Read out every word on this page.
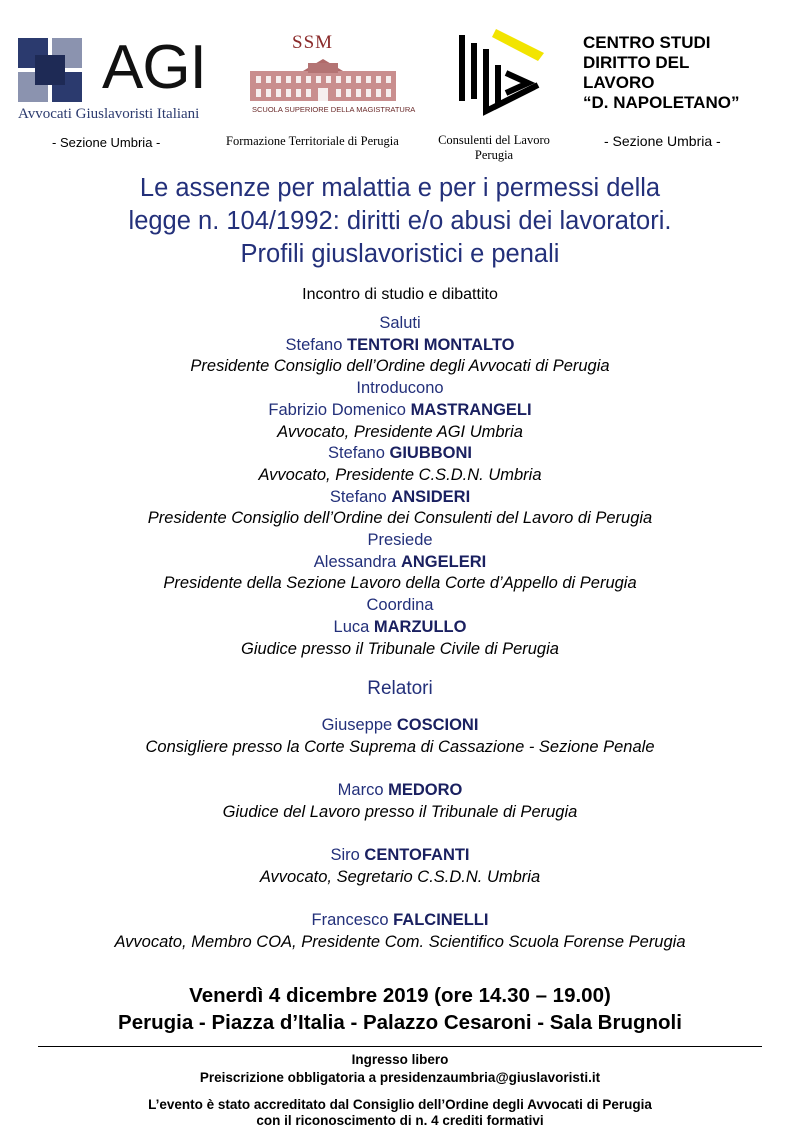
AGI
Avvocati Giuslavoristi Italiani
- Sezione Umbria -
SSM
SCUOLA SUPERIORE DELLA MAGISTRATURA
Formazione Territoriale di Perugia	Consulenti del Lavoro
Perugia
CENTRO STUDI
DIRITTO DEL
LAVORO
“D. NAPOLETANO”
- Sezione Umbria -
Le assenze per malattia e per i permessi della
legge n. 104/1992: diritti e/o abusi dei lavoratori.
Profili giuslavoristici e penali
Incontro di studio e dibattito
Saluti
Stefano TENTORI MONTALTO
Presidente Consiglio dell’Ordine degli Avvocati di Perugia
Introducono
Fabrizio Domenico MASTRANGELI
Avvocato, Presidente AGI Umbria
Stefano GIUBBONI
Avvocato, Presidente C.S.D.N. Umbria
Stefano ANSIDERI
Presidente Consiglio dell’Ordine dei Consulenti del Lavoro di Perugia
Presiede
Alessandra ANGELERI
Presidente della Sezione Lavoro della Corte d’Appello di Perugia
Coordina
Luca MARZULLO
Giudice presso il Tribunale Civile di Perugia
Relatori
Giuseppe COSCIONI
Consigliere presso la Corte Suprema di Cassazione - Sezione Penale
Marco MEDORO
Giudice del Lavoro presso il Tribunale di Perugia
Siro CENTOFANTI
Avvocato, Segretario C.S.D.N. Umbria
Francesco FALCINELLI
Avvocato, Membro COA, Presidente Com. Scientifico Scuola Forense Perugia
Venerdì 4 dicembre 2019 (ore 14.30 – 19.00)
Perugia - Piazza d’Italia - Palazzo Cesaroni - Sala Brugnoli
Ingresso libero
Preiscrizione obbligatoria a presidenzaumbria@giuslavoristi.it
L’evento è stato accreditato dal Consiglio dell’Ordine degli Avvocati di Perugia
con il riconoscimento di n. 4 crediti formativi
